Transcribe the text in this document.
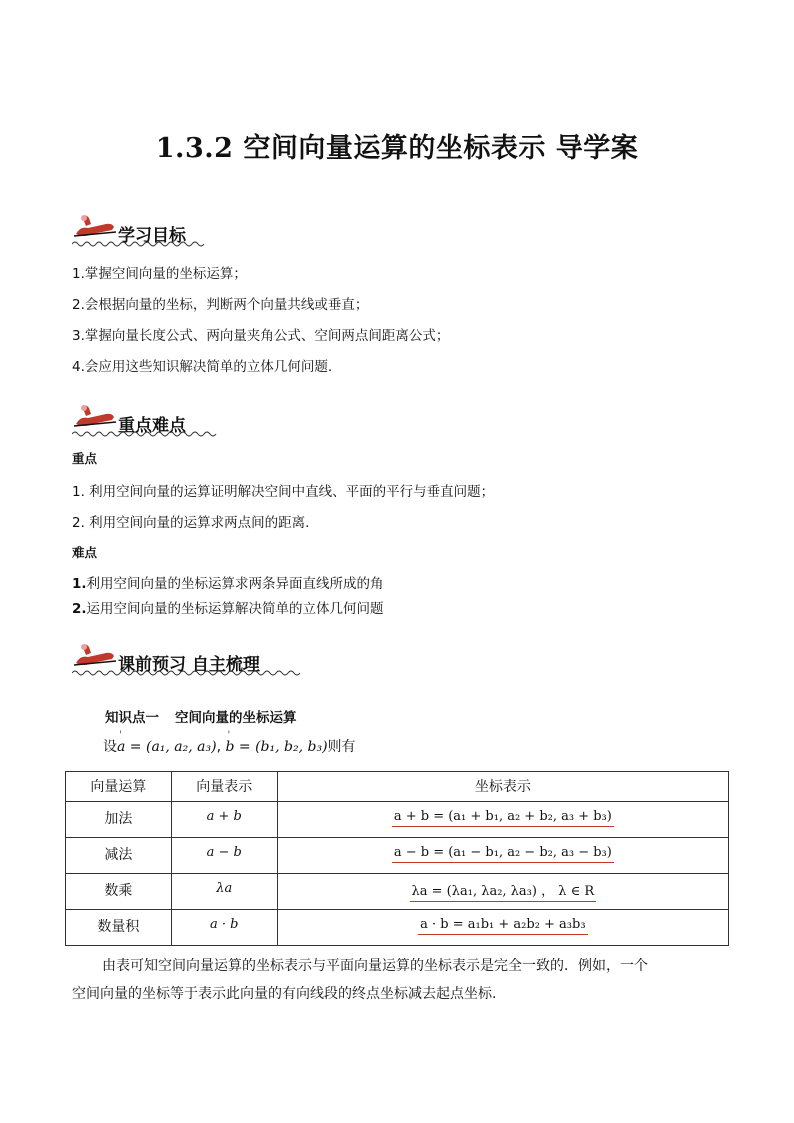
1.3.2 空间向量运算的坐标表示 导学案
学习目标
1.掌握空间向量的坐标运算；
2.会根据向量的坐标，判断两个向量共线或垂直；
3.掌握向量长度公式、两向量夹角公式、空间两点间距离公式；
4.会应用这些知识解决简单的立体几何问题.
重点难点
重点
1. 利用空间向量的运算证明解决空间中直线、平面的平行与垂直问题；
2. 利用空间向量的运算求两点间的距离.
难点
1.利用空间向量的坐标运算求两条异面直线所成的角
2.运用空间向量的坐标运算解决简单的立体几何问题
课前预习 自主梳理
知识点一 空间向量的坐标运算
设' a = (a₁, a₂, a₃), ' b = (b₁, b₂, b₃)则有
向量运算	向量表示	坐标表示
加法	a + b	a + b = (a₁ + b₁, a₂ + b₂, a₃ + b₃)
减法	a − b	a − b = (a₁ − b₁, a₂ − b₂, a₃ − b₃)
数乘	λa	λa = (λa₁, λa₂, λa₃) ， λ ∈ R
数量积	a · b	a · b = a₁b₁ + a₂b₂ + a₃b₃
由表可知空间向量运算的坐标表示与平面向量运算的坐标表示是完全一致的．例如，一个
空间向量的坐标等于表示此向量的有向线段的终点坐标减去起点坐标.
